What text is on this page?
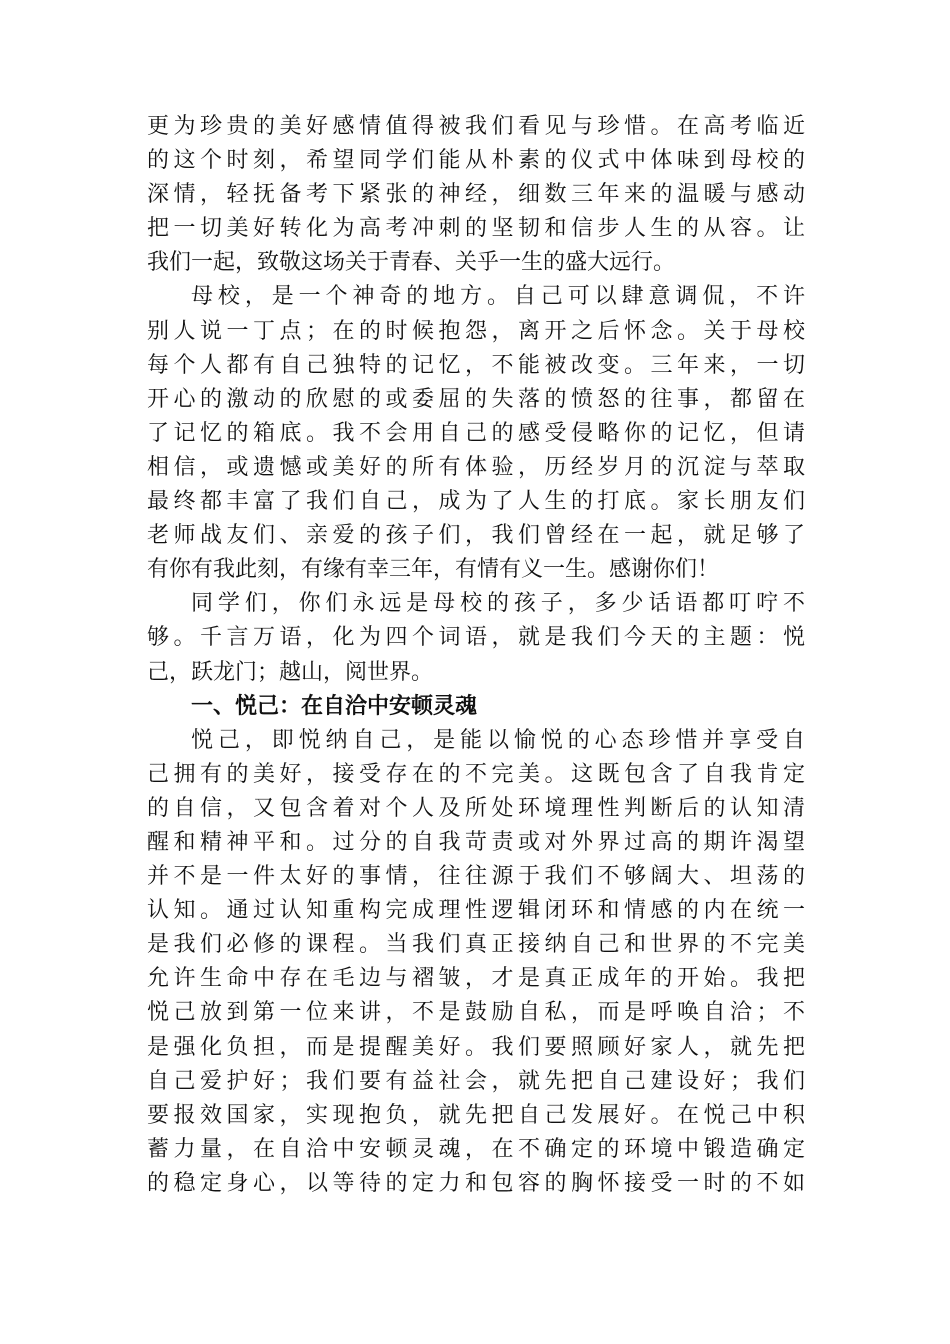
更为珍贵的美好感情值得被我们看见与珍惜。在高考临近
的这个时刻，希望同学们能从朴素的仪式中体味到母校的
深情，轻抚备考下紧张的神经，细数三年来的温暖与感动
把一切美好转化为高考冲刺的坚韧和信步人生的从容。让
我们一起，致敬这场关于青春、关乎一生的盛大远行。
母校，是一个神奇的地方。自己可以肆意调侃，不许
别人说一丁点；在的时候抱怨，离开之后怀念。关于母校
每个人都有自己独特的记忆，不能被改变。三年来，一切
开心的激动的欣慰的或委屈的失落的愤怒的往事，都留在
了记忆的箱底。我不会用自己的感受侵略你的记忆，但请
相信，或遗憾或美好的所有体验，历经岁月的沉淀与萃取
最终都丰富了我们自己，成为了人生的打底。家长朋友们
老师战友们、亲爱的孩子们，我们曾经在一起，就足够了
有你有我此刻，有缘有幸三年，有情有义一生。感谢你们！
同学们，你们永远是母校的孩子，多少话语都叮咛不
够。千言万语，化为四个词语，就是我们今天的主题：悦
己，跃龙门；越山，阅世界。
一、悦己：在自洽中安顿灵魂
悦己，即悦纳自己，是能以愉悦的心态珍惜并享受自
己拥有的美好，接受存在的不完美。这既包含了自我肯定
的自信，又包含着对个人及所处环境理性判断后的认知清
醒和精神平和。过分的自我苛责或对外界过高的期许渴望
并不是一件太好的事情，往往源于我们不够阔大、坦荡的
认知。通过认知重构完成理性逻辑闭环和情感的内在统一
是我们必修的课程。当我们真正接纳自己和世界的不完美
允许生命中存在毛边与褶皱，才是真正成年的开始。我把
悦己放到第一位来讲，不是鼓励自私，而是呼唤自洽；不
是强化负担，而是提醒美好。我们要照顾好家人，就先把
自己爱护好；我们要有益社会，就先把自己建设好；我们
要报效国家，实现抱负，就先把自己发展好。在悦己中积
蓄力量，在自洽中安顿灵魂，在不确定的环境中锻造确定
的稳定身心，以等待的定力和包容的胸怀接受一时的不如
